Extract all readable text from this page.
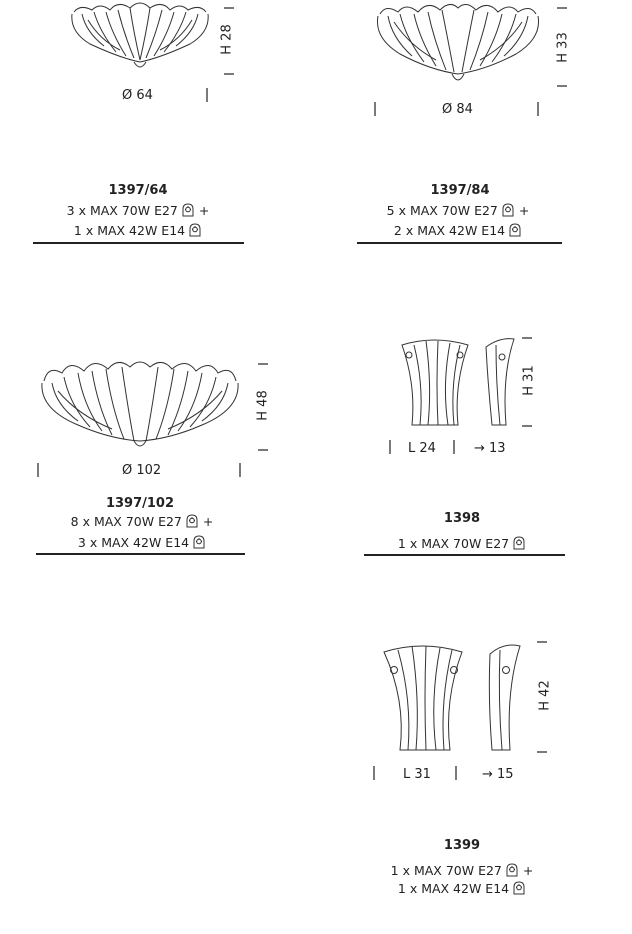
H 28
Ø 64
1397/64
3 x MAX 70W E27 +
1 x MAX 42W E14
H 33
Ø 84
1397/84
5 x MAX 70W E27 +
2 x MAX 42W E14
H 48
Ø 102
1397/102
8 x MAX 70W E27 +
3 x MAX 42W E14
H 31
L 24	→ 13
1398
1 x MAX 70W E27
H 42
L 31	→ 15
1399
1 x MAX 70W E27 +
1 x MAX 42W E14
